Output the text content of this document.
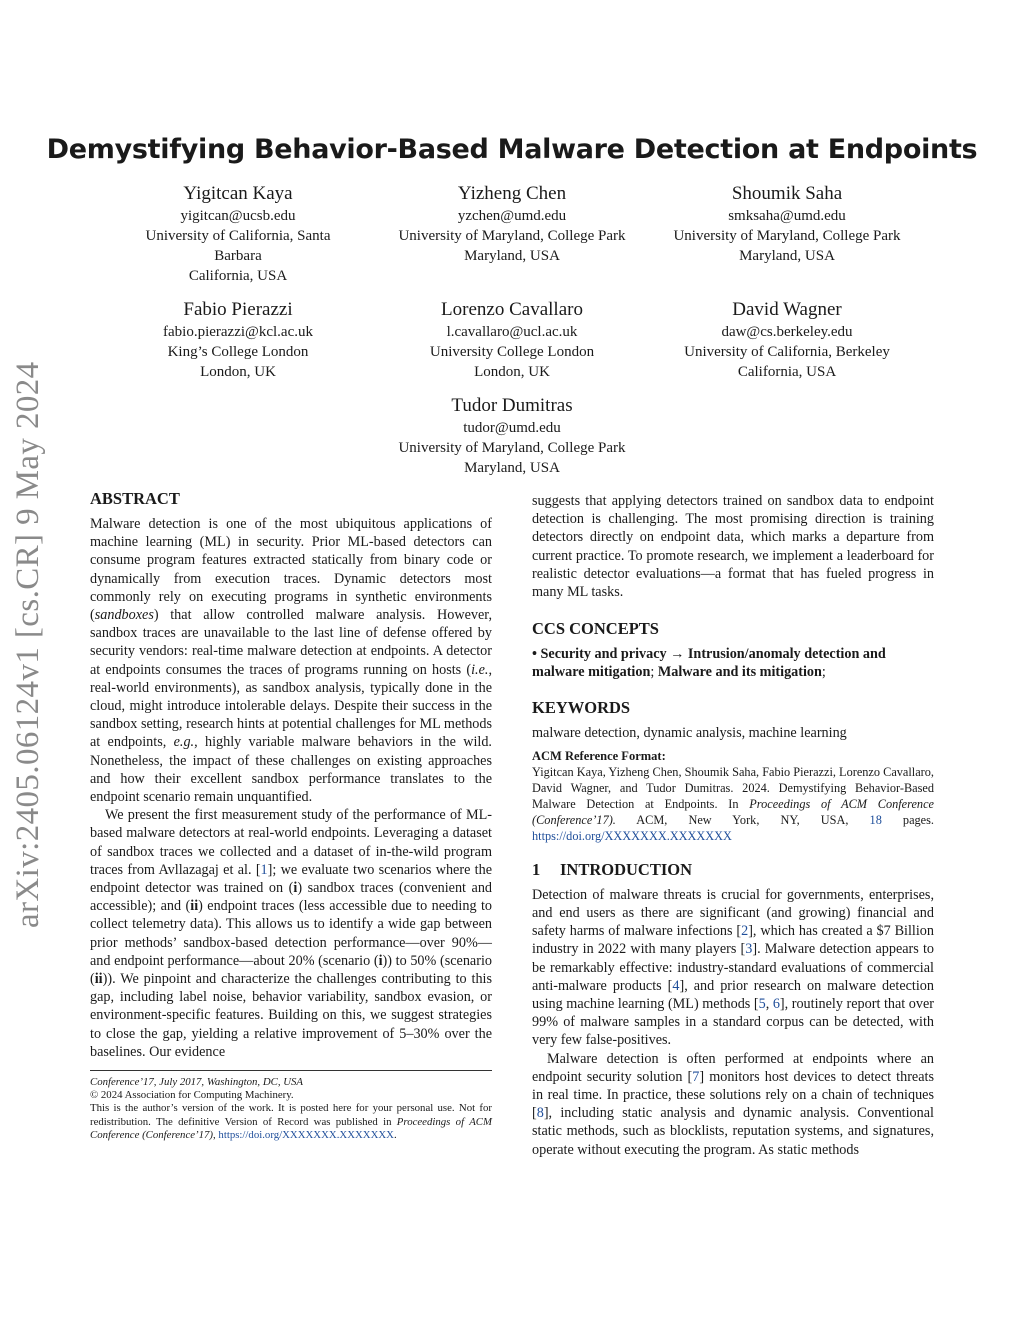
arXiv:2405.06124v1 [cs.CR] 9 May 2024
Demystifying Behavior-Based Malware Detection at Endpoints
Yigitcan Kaya
yigitcan@ucsb.edu
University of California, Santa
Barbara
California, USA
Yizheng Chen
yzchen@umd.edu
University of Maryland, College Park
Maryland, USA
Shoumik Saha
smksaha@umd.edu
University of Maryland, College Park
Maryland, USA
Fabio Pierazzi
fabio.pierazzi@kcl.ac.uk
King’s College London
London, UK
Lorenzo Cavallaro
l.cavallaro@ucl.ac.uk
University College London
London, UK
David Wagner
daw@cs.berkeley.edu
University of California, Berkeley
California, USA
Tudor Dumitras
tudor@umd.edu
University of Maryland, College Park
Maryland, USA
ABSTRACT

Malware detection is one of the most ubiquitous applications of machine learning (ML) in security. Prior ML-based detectors can consume program features extracted statically from binary code or dynamically from execution traces. Dynamic detectors most commonly rely on executing programs in synthetic environments (sandboxes) that allow controlled malware analysis. However, sandbox traces are unavailable to the last line of defense offered by security vendors: real-time malware detection at endpoints. A detector at endpoints consumes the traces of programs running on hosts (i.e., real-world environments), as sandbox analysis, typically done in the cloud, might introduce intolerable delays. Despite their success in the sandbox setting, research hints at potential challenges for ML methods at endpoints, e.g., highly variable malware behaviors in the wild. Nonetheless, the impact of these challenges on existing approaches and how their excellent sandbox performance translates to the endpoint scenario remain unquantified.

We present the first measurement study of the performance of ML-based malware detectors at real-world endpoints. Leveraging a dataset of sandbox traces we collected and a dataset of in-the-wild program traces from Avllazagaj et al. [1]; we evaluate two scenarios where the endpoint detector was trained on (i) sandbox traces (convenient and accessible); and (ii) endpoint traces (less accessible due to needing to collect telemetry data). This allows us to identify a wide gap between prior methods’ sandbox-based detection performance—over 90%—and endpoint performance—about 20% (scenario (i)) to 50% (scenario (ii)). We pinpoint and characterize the challenges contributing to this gap, including label noise, behavior variability, sandbox evasion, or environment-specific features. Building on this, we suggest strategies to close the gap, yielding a relative improvement of 5–30% over the baselines. Our evidence

Conference’17, July 2017, Washington, DC, USA
© 2024 Association for Computing Machinery.
This is the author’s version of the work. It is posted here for your personal use. Not for redistribution. The definitive Version of Record was published in Proceedings of ACM Conference (Conference’17), https://doi.org/XXXXXXX.XXXXXXX.

suggests that applying detectors trained on sandbox data to endpoint detection is challenging. The most promising direction is training detectors directly on endpoint data, which marks a departure from current practice. To promote research, we implement a leaderboard for realistic detector evaluations—a format that has fueled progress in many ML tasks.

CCS CONCEPTS

• Security and privacy → Intrusion/anomaly detection and malware mitigation; Malware and its mitigation;

KEYWORDS

malware detection, dynamic analysis, machine learning

ACM Reference Format:
Yigitcan Kaya, Yizheng Chen, Shoumik Saha, Fabio Pierazzi, Lorenzo Cavallaro, David Wagner, and Tudor Dumitras. 2024. Demystifying Behavior-Based Malware Detection at Endpoints. In Proceedings of ACM Conference (Conference’17). ACM, New York, NY, USA, 18 pages. https://doi.org/XXXXXXX.XXXXXXX
1 INTRODUCTION

Detection of malware threats is crucial for governments, enterprises, and end users as there are significant (and growing) financial and safety harms of malware infections [2], which has created a $7 Billion industry in 2022 with many players [3]. Malware detection appears to be remarkably effective: industry-standard evaluations of commercial anti-malware products [4], and prior research on malware detection using machine learning (ML) methods [5, 6], routinely report that over 99% of malware samples in a standard corpus can be detected, with very few false-positives.

Malware detection is often performed at endpoints where an endpoint security solution [7] monitors host devices to detect threats in real time. In practice, these solutions rely on a chain of techniques [8], including static analysis and dynamic analysis. Conventional static methods, such as blocklists, reputation systems, and signatures, operate without executing the program. As static methods
